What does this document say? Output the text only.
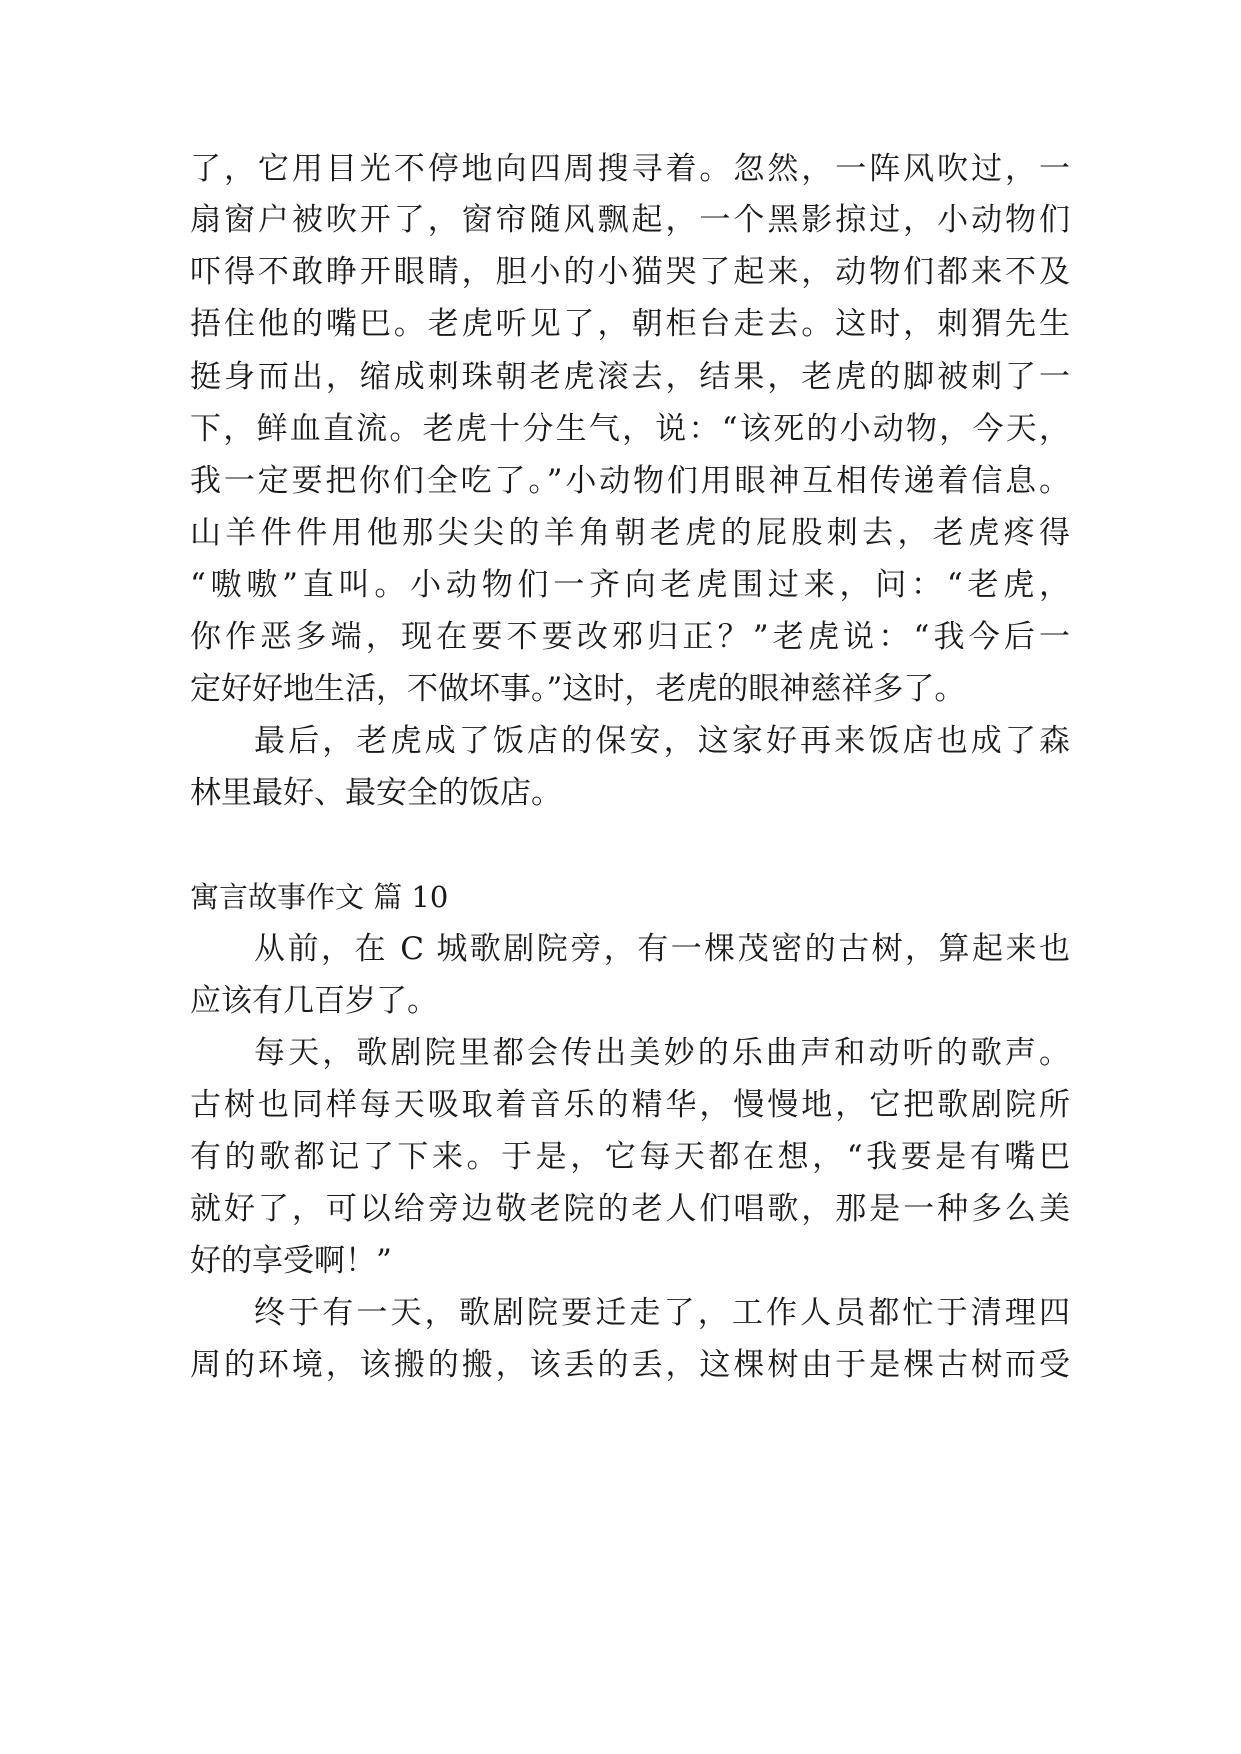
了，它用目光不停地向四周搜寻着。忽然，一阵风吹过，一
扇窗户被吹开了，窗帘随风飘起，一个黑影掠过，小动物们
吓得不敢睁开眼睛，胆小的小猫哭了起来，动物们都来不及
捂住他的嘴巴。老虎听见了，朝柜台走去。这时，刺猬先生
挺身而出，缩成刺珠朝老虎滚去，结果，老虎的脚被刺了一
下，鲜血直流。老虎十分生气，说：“该死的小动物，今天，
我一定要把你们全吃了。”小动物们用眼神互相传递着信息。
山羊件件用他那尖尖的羊角朝老虎的屁股刺去，老虎疼得
“嗷嗷”直叫。小动物们一齐向老虎围过来，问：“老虎，
你作恶多端，现在要不要改邪归正？”老虎说：“我今后一
定好好地生活，不做坏事。”这时，老虎的眼神慈祥多了。
最后，老虎成了饭店的保安，这家好再来饭店也成了森
林里最好、最安全的饭店。
寓言故事作文 篇 10
从前，在 C 城歌剧院旁，有一棵茂密的古树，算起来也
应该有几百岁了。
每天，歌剧院里都会传出美妙的乐曲声和动听的歌声。
古树也同样每天吸取着音乐的精华，慢慢地，它把歌剧院所
有的歌都记了下来。于是，它每天都在想，“我要是有嘴巴
就好了，可以给旁边敬老院的老人们唱歌，那是一种多么美
好的享受啊！”
终于有一天，歌剧院要迁走了，工作人员都忙于清理四
周的环境，该搬的搬，该丢的丢，这棵树由于是棵古树而受
